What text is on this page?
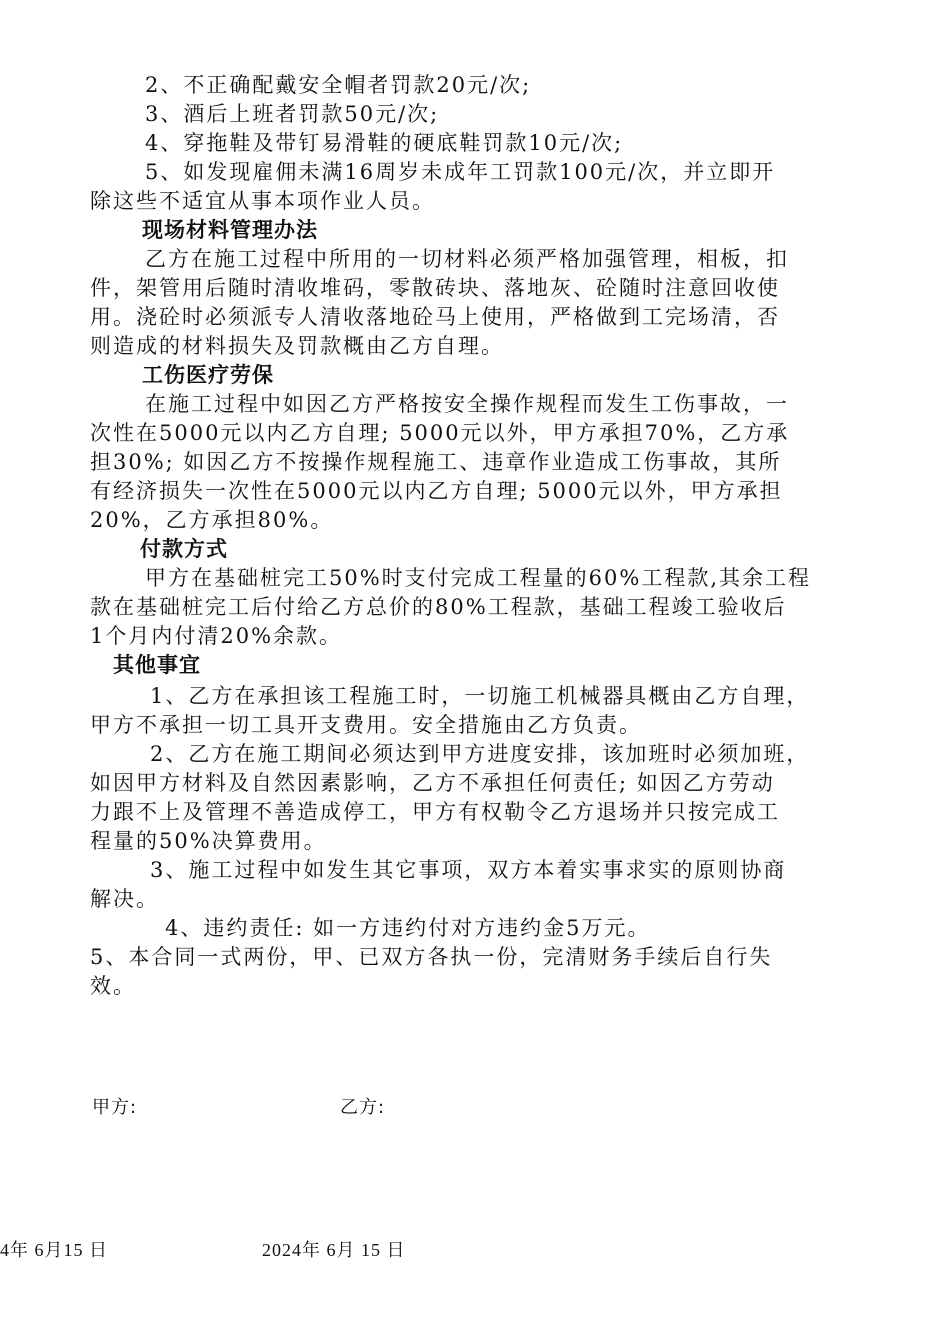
2、不正确配戴安全帽者罚款20元/次;
3、酒后上班者罚款50元/次;
4、穿拖鞋及带钉易滑鞋的硬底鞋罚款10元/次;
5、如发现雇佣未满16周岁未成年工罚款100元/次，并立即开
除这些不适宜从事本项作业人员。
现场材料管理办法
乙方在施工过程中所用的一切材料必须严格加强管理，相板，扣
件，架管用后随时清收堆码，零散砖块、落地灰、砼随时注意回收使
用。浇砼时必须派专人清收落地砼马上使用，严格做到工完场清，否
则造成的材料损失及罚款概由乙方自理。
工伤医疗劳保
在施工过程中如因乙方严格按安全操作规程而发生工伤事故，一
次性在5000元以内乙方自理; 5000元以外，甲方承担70%，乙方承
担30%; 如因乙方不按操作规程施工、违章作业造成工伤事故，其所
有经济损失一次性在5000元以内乙方自理; 5000元以外，甲方承担
20%，乙方承担80%。
付款方式
甲方在基础桩完工50%时支付完成工程量的60%工程款,其余工程
款在基础桩完工后付给乙方总价的80%工程款，基础工程竣工验收后
1个月内付清20%余款。
其他事宜
1、乙方在承担该工程施工时，一切施工机械器具概由乙方自理，
甲方不承担一切工具开支费用。安全措施由乙方负责。
2、乙方在施工期间必须达到甲方进度安排，该加班时必须加班，
如因甲方材料及自然因素影响，乙方不承担任何责任; 如因乙方劳动
力跟不上及管理不善造成停工，甲方有权勒令乙方退场并只按完成工
程量的50%决算费用。
3、施工过程中如发生其它事项，双方本着实事求实的原则协商
解决。
4、违约责任: 如一方违约付对方违约金5万元。
5、本合同一式两份，甲、已双方各执一份，完清财务手续后自行失
效。
甲方:	乙方:
4年 6月15 日	2024年 6月 15 日
